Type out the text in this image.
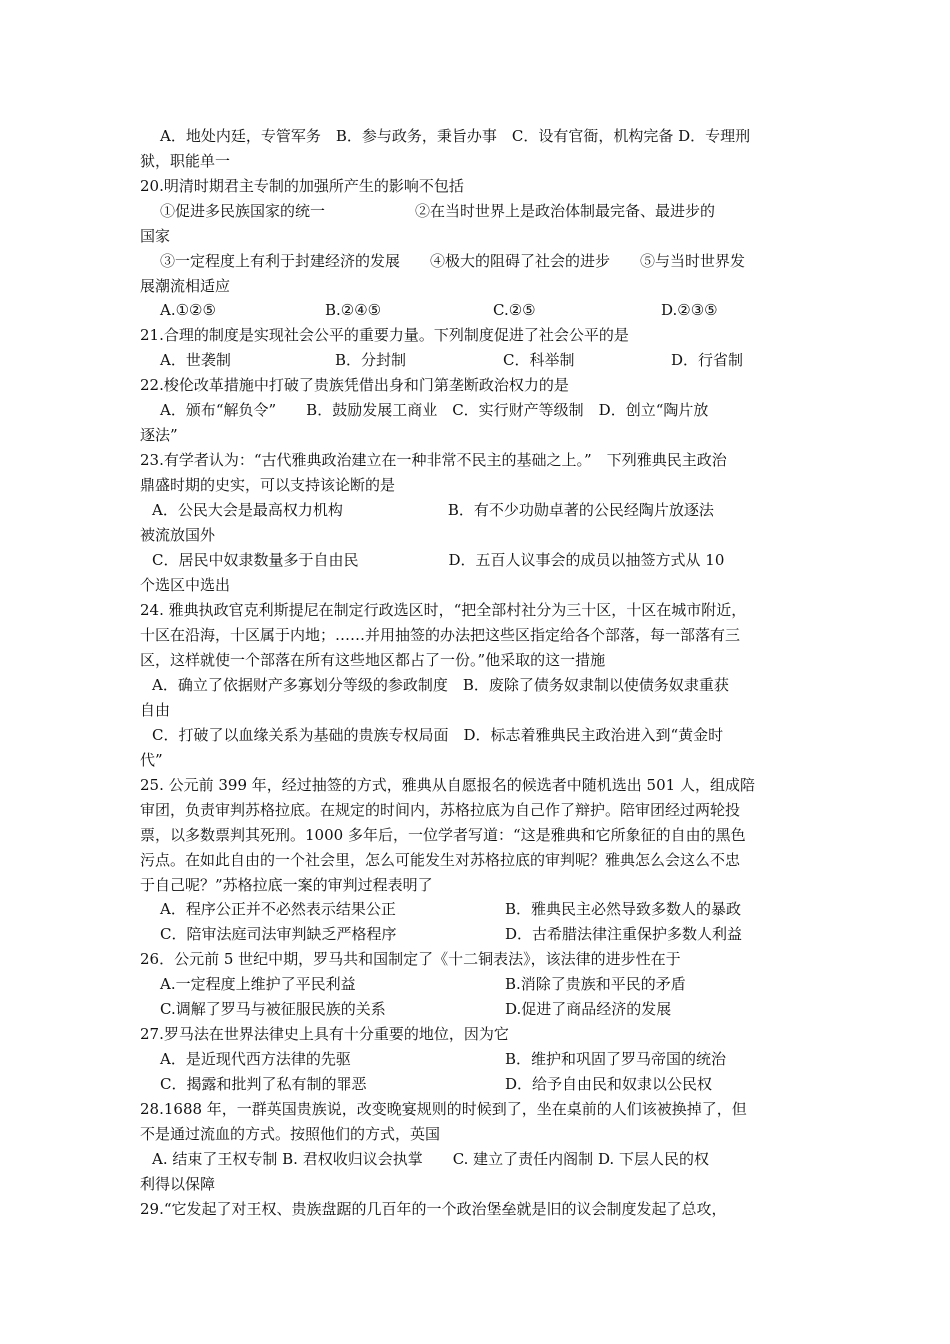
A．地处内廷，专管军务　B．参与政务，秉旨办事　C．设有官衙，机构完备 D．专理刑
狱，职能单一
20.明清时期君主专制的加强所产生的影响不包括
①促进多民族国家的统一　　　　　　②在当时世界上是政治体制最完备、最进步的
国家
③一定程度上有利于封建经济的发展　　④极大的阻碍了社会的进步　　⑤与当时世界发
展潮流相适应
A.①②⑤	B.②④⑤	C.②⑤	D.②③⑤
21.合理的制度是实现社会公平的重要力量。下列制度促进了社会公平的是
A．世袭制	B．分封制	C．科举制	D．行省制
22.梭伦改革措施中打破了贵族凭借出身和门第垄断政治权力的是
A．颁布“解负令”　　B．鼓励发展工商业　C．实行财产等级制　D．创立“陶片放
逐法”
23.有学者认为：“古代雅典政治建立在一种非常不民主的基础之上。”　下列雅典民主政治
鼎盛时期的史实，可以支持该论断的是
A．公民大会是最高权力机构　　　　　　　B．有不少功勋卓著的公民经陶片放逐法
被流放国外
C．居民中奴隶数量多于自由民　　　　　　D．五百人议事会的成员以抽签方式从 10
个选区中选出
24. 雅典执政官克利斯提尼在制定行政选区时，“把全部村社分为三十区，十区在城市附近，
十区在沿海，十区属于内地；……并用抽签的办法把这些区指定给各个部落，每一部落有三
区，这样就使一个部落在所有这些地区都占了一份。”他采取的这一措施
A．确立了依据财产多寡划分等级的参政制度　B．废除了债务奴隶制以使债务奴隶重获
自由
C．打破了以血缘关系为基础的贵族专权局面　D．标志着雅典民主政治进入到“黄金时
代”
25. 公元前 399 年，经过抽签的方式，雅典从自愿报名的候选者中随机选出 501 人，组成陪
审团，负责审判苏格拉底。在规定的时间内，苏格拉底为自己作了辩护。陪审团经过两轮投
票，以多数票判其死刑。1000 多年后，一位学者写道：“这是雅典和它所象征的自由的黑色
污点。在如此自由的一个社会里，怎么可能发生对苏格拉底的审判呢？雅典怎么会这么不忠
于自己呢？”苏格拉底一案的审判过程表明了
A．程序公正并不必然表示结果公正	B．雅典民主必然导致多数人的暴政
C．陪审法庭司法审判缺乏严格程序	D．古希腊法律注重保护多数人利益
26．公元前 5 世纪中期，罗马共和国制定了《十二铜表法》，该法律的进步性在于
A.一定程度上维护了平民利益	B.消除了贵族和平民的矛盾
C.调解了罗马与被征服民族的关系	D.促进了商品经济的发展
27.罗马法在世界法律史上具有十分重要的地位，因为它
A．是近现代西方法律的先驱	B．维护和巩固了罗马帝国的统治
C．揭露和批判了私有制的罪恶	D．给予自由民和奴隶以公民权
28.1688 年，一群英国贵族说，改变晚宴规则的时候到了，坐在桌前的人们该被换掉了，但
不是通过流血的方式。按照他们的方式，英国
A. 结束了王权专制 B. 君权收归议会执掌　　C. 建立了责任内阁制 D. 下层人民的权
利得以保障
29.“它发起了对王权、贵族盘踞的几百年的一个政治堡垒就是旧的议会制度发起了总攻，
